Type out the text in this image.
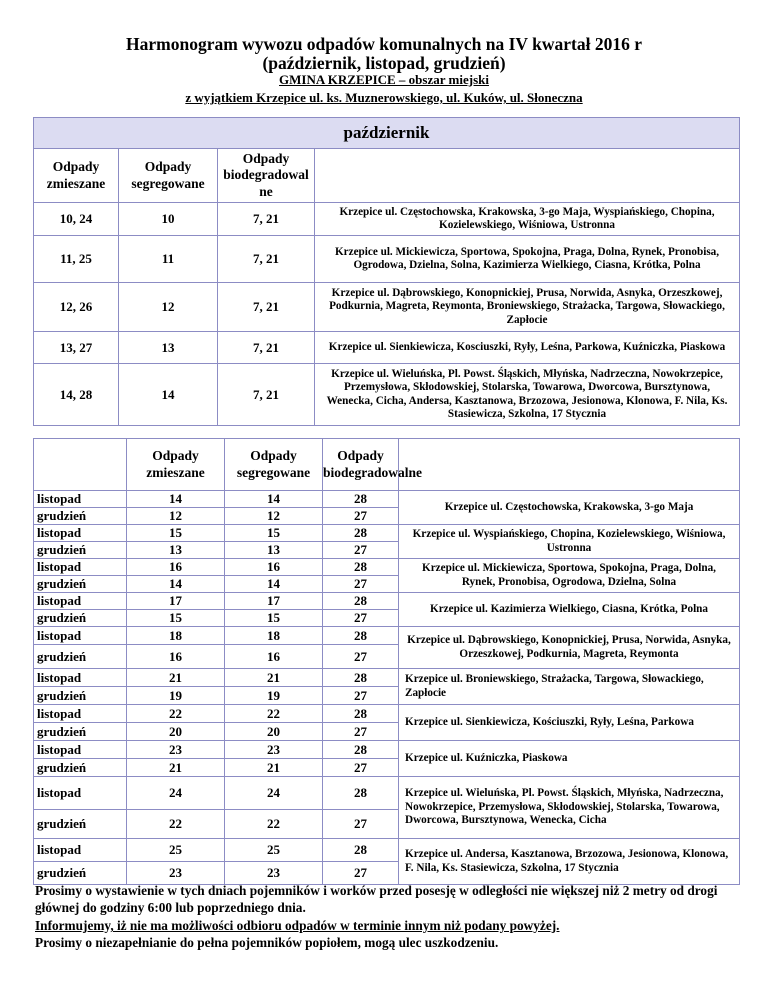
Harmonogram wywozu odpadów komunalnych na IV kwartał 2016 r
(październik, listopad, grudzień)
GMINA KRZEPICE – obszar miejski
z wyjątkiem Krzepice ul. ks. Muznerowskiego, ul. Kuków, ul. Słoneczna
październik			
Odpady zmieszane	Odpady segregowane	Odpady
biodegradowal
ne	
10, 24	10	7, 21	Krzepice ul. Częstochowska, Krakowska, 3-go Maja, Wyspiańskiego, Chopina, Kozielewskiego, Wiśniowa, Ustronna
11, 25	11	7, 21	Krzepice ul. Mickiewicza, Sportowa, Spokojna, Praga, Dolna, Rynek, Pronobisa, Ogrodowa, Dzielna, Solna, Kazimierza Wielkiego, Ciasna, Krótka, Polna
12, 26	12	7, 21	Krzepice ul. Dąbrowskiego, Konopnickiej, Prusa, Norwida, Asnyka, Orzeszkowej, Podkurnia, Magreta, Reymonta, Broniewskiego, Strażacka, Targowa, Słowackiego, Zapłocie
13, 27	13	7, 21	Krzepice ul. Sienkiewicza, Kosciuszki, Ryły, Leśna, Parkowa, Kuźniczka, Piaskowa
14, 28	14	7, 21	Krzepice ul. Wieluńska, Pl. Powst. Śląskich, Młyńska, Nadrzeczna, Nowokrzepice, Przemysłowa, Skłodowskiej, Stolarska, Towarowa, Dworcowa, Bursztynowa, Wenecka, Cicha, Andersa, Kasztanowa, Brzozowa, Jesionowa, Klonowa, F. Nila, Ks. Stasiewicza, Szkolna, 17 Stycznia
	Odpady zmieszane	Odpady segregowane	Odpady biodegradowalne	
listopad	14	14	28	Krzepice ul. Częstochowska, Krakowska, 3-go Maja
grudzień	12	12	27	
listopad	15	15	28	Krzepice ul. Wyspiańskiego, Chopina, Kozielewskiego, Wiśniowa, Ustronna
grudzień	13	13	27	
listopad	16	16	28	Krzepice ul. Mickiewicza, Sportowa, Spokojna, Praga, Dolna, Rynek, Pronobisa, Ogrodowa, Dzielna, Solna
grudzień	14	14	27	
listopad	17	17	28	Krzepice ul. Kazimierza Wielkiego, Ciasna, Krótka, Polna
grudzień	15	15	27	
listopad	18	18	28	Krzepice ul. Dąbrowskiego, Konopnickiej, Prusa, Norwida, Asnyka, Orzeszkowej, Podkurnia, Magreta, Reymonta
grudzień	16	16	27	
listopad	21	21	28	Krzepice ul. Broniewskiego, Strażacka, Targowa, Słowackiego, Zapłocie
grudzień	19	19	27	
listopad	22	22	28	Krzepice ul. Sienkiewicza, Kościuszki, Ryły, Leśna, Parkowa
grudzień	20	20	27	
listopad	23	23	28	Krzepice ul. Kuźniczka, Piaskowa
grudzień	21	21	27	
listopad	24	24	28	Krzepice ul. Wieluńska, Pl. Powst. Śląskich, Młyńska, Nadrzeczna, Nowokrzepice, Przemysłowa, Skłodowskiej, Stolarska, Towarowa, Dworcowa, Bursztynowa, Wenecka, Cicha
grudzień	22	22	27	
listopad	25	25	28	Krzepice ul. Andersa, Kasztanowa, Brzozowa, Jesionowa, Klonowa, F. Nila, Ks. Stasiewicza, Szkolna, 17 Stycznia
grudzień	23	23	27	
Prosimy o wystawienie w tych dniach pojemników i worków przed posesję w odległości nie większej niż 2 metry od drogi głównej do godziny 6:00 lub poprzedniego dnia.
Informujemy, iż nie ma możliwości odbioru odpadów w terminie innym niż podany powyżej.
Prosimy o niezapełnianie do pełna pojemników popiołem, mogą ulec uszkodzeniu.
